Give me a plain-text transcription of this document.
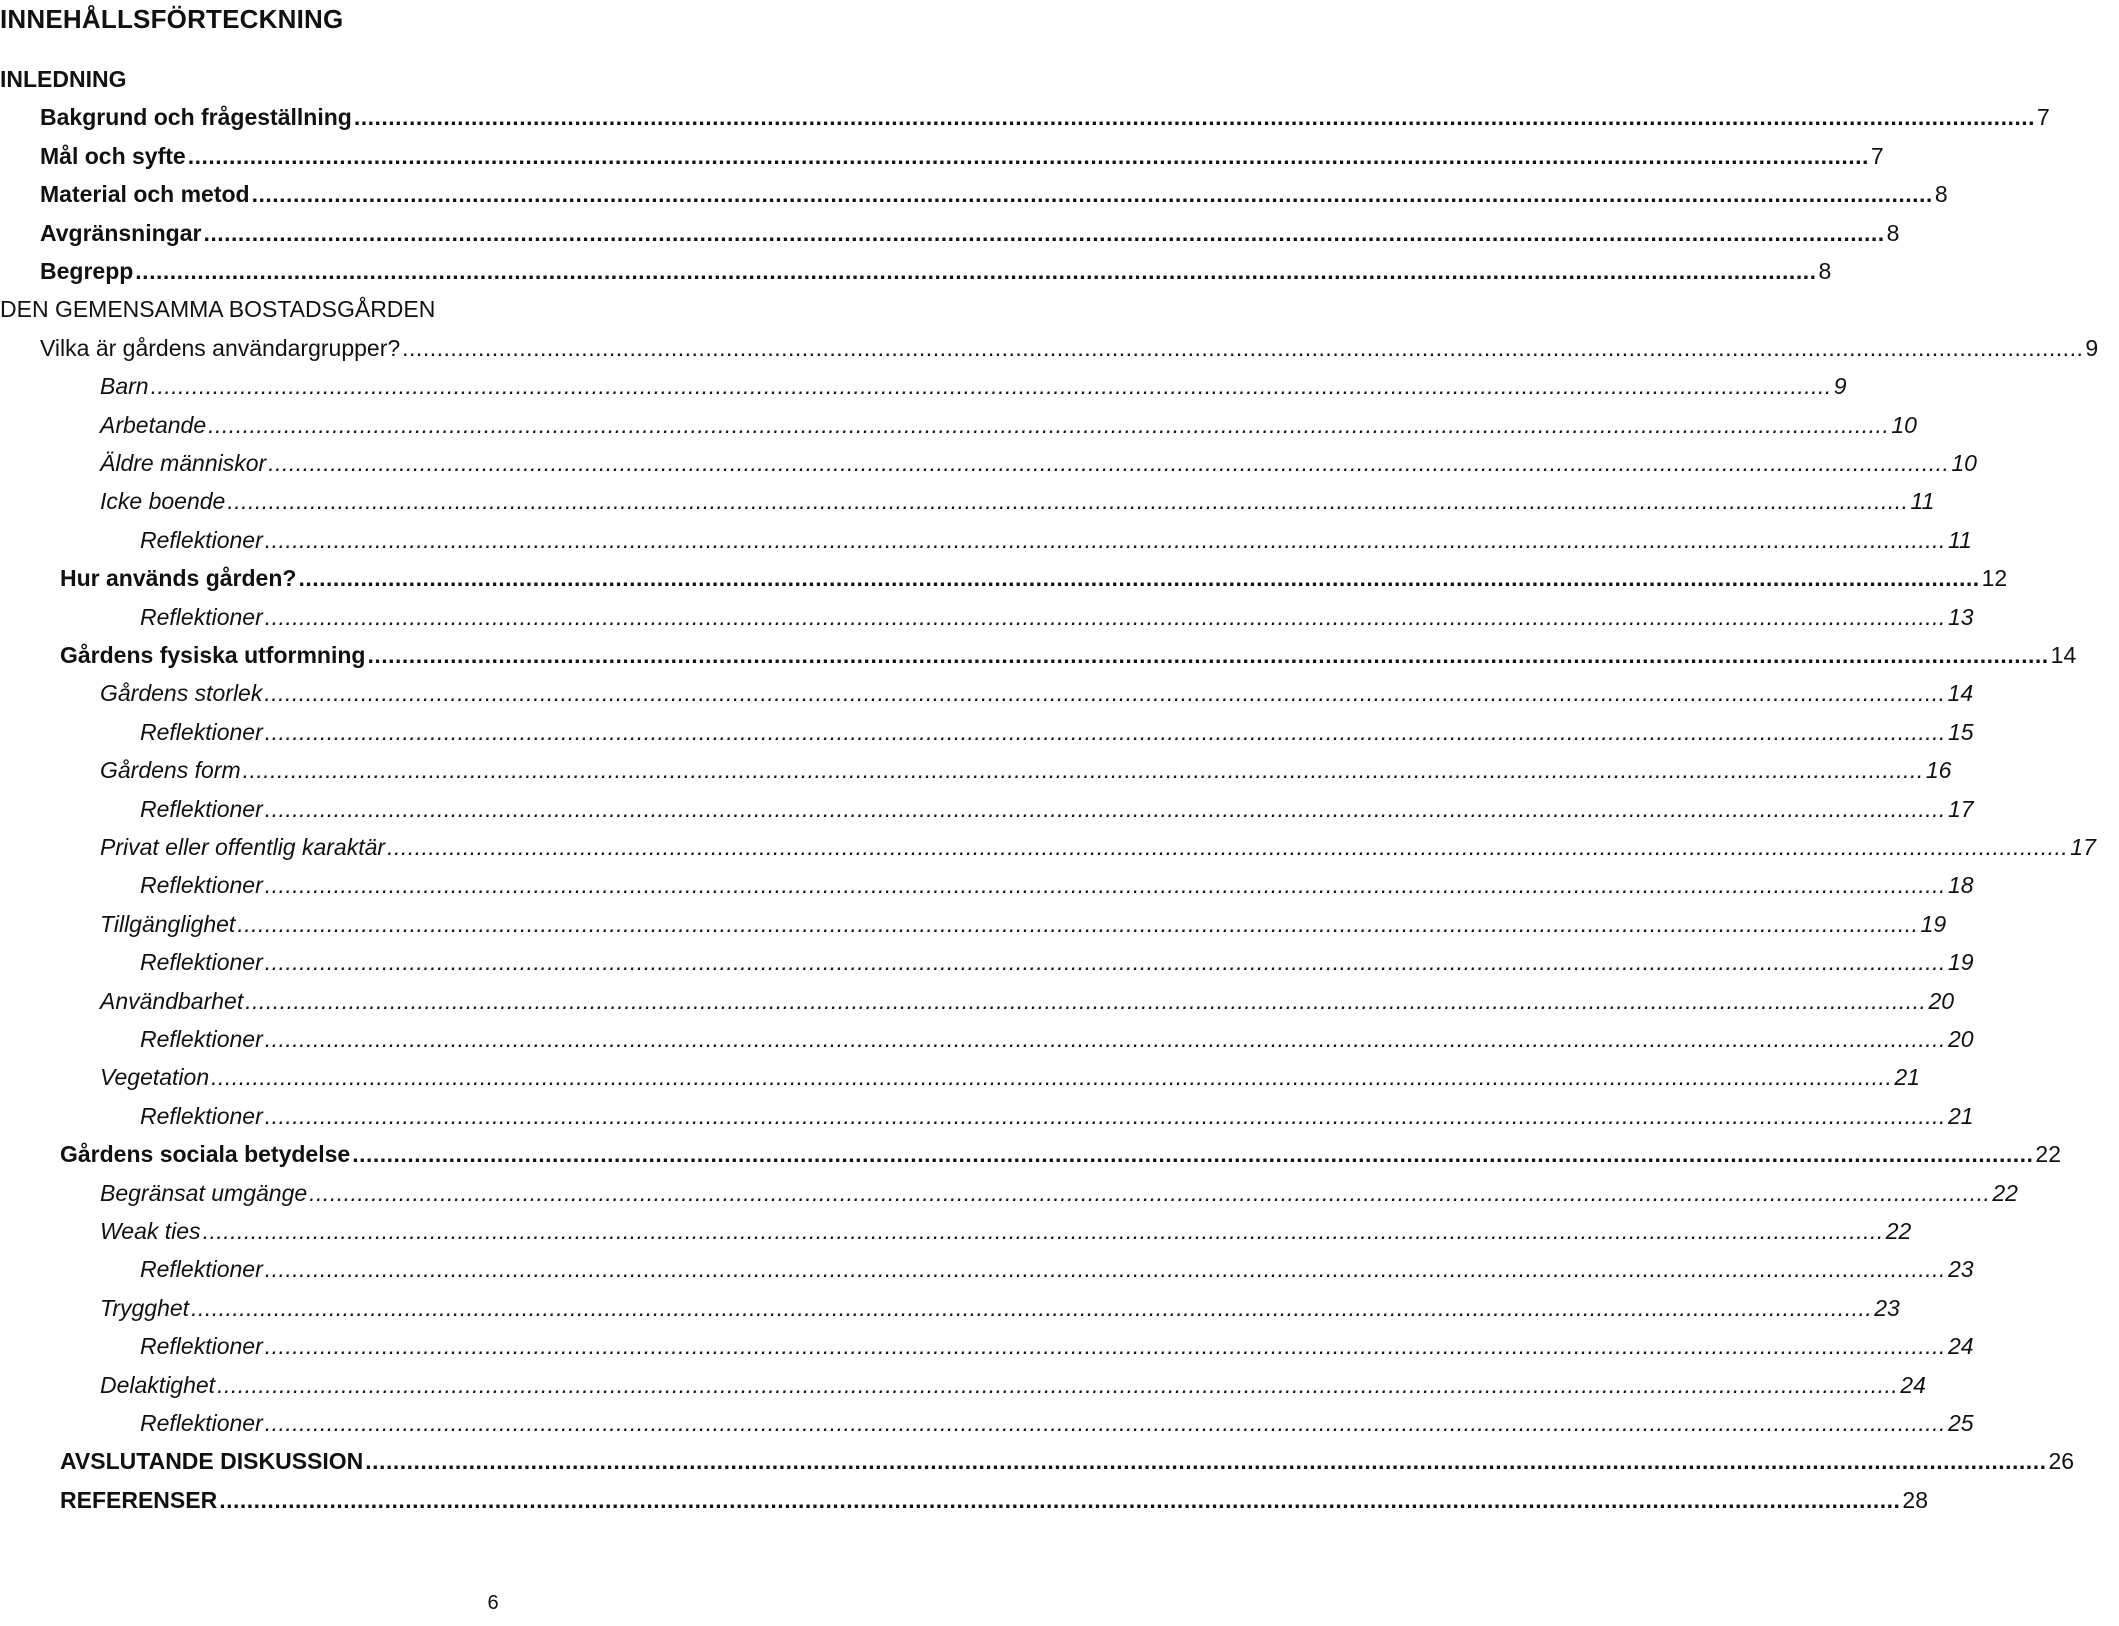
INNEHÅLLSFÖRTECKNING
INLEDNING
Bakgrund och frågeställning .....	7
Mål och syfte .....	7
Material och metod .....	8
Avgränsningar .....	8
Begrepp .....	8
DEN GEMENSAMMA BOSTADSGÅRDEN
Vilka är gårdens användargrupper? .....	9
Barn .....	9
Arbetande .....	10
Äldre människor .....	10
Icke boende .....	11
Reflektioner .....	11
Hur används gården? .....	12
Reflektioner .....	13
Gårdens fysiska utformning .....	14
Gårdens storlek .....	14
Reflektioner .....	15
Gårdens form .....	16
Reflektioner .....	17
Privat eller offentlig karaktär .....	17
Reflektioner .....	18
Tillgänglighet .....	19
Reflektioner .....	19
Användbarhet .....	20
Reflektioner .....	20
Vegetation .....	21
Reflektioner .....	21
Gårdens sociala betydelse .....	22
Begränsat umgänge .....	22
Weak ties .....	22
Reflektioner .....	23
Trygghet .....	23
Reflektioner .....	24
Delaktighet .....	24
Reflektioner .....	25
AVSLUTANDE DISKUSSION .....	26
REFERENSER .....	28
6
